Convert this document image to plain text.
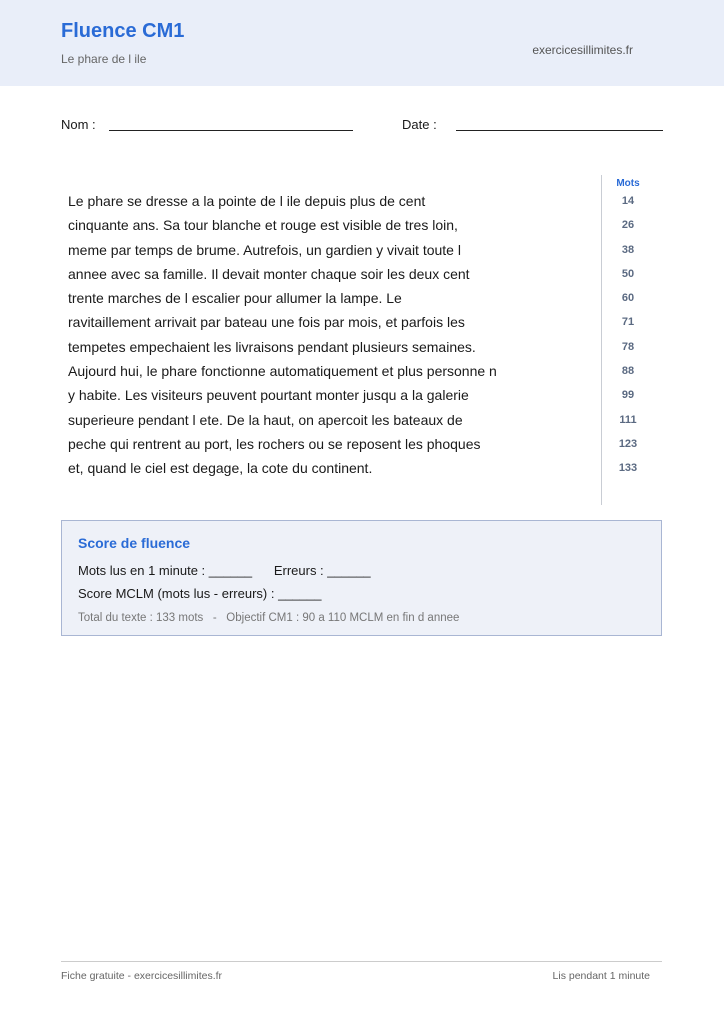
Fluence CM1
Le phare de l ile
exercicesillimites.fr
Nom :	Date :
Le phare se dresse a la pointe de l ile depuis plus de cent
cinquante ans. Sa tour blanche et rouge est visible de tres loin,
meme par temps de brume. Autrefois, un gardien y vivait toute l
annee avec sa famille. Il devait monter chaque soir les deux cent
trente marches de l escalier pour allumer la lampe. Le
ravitaillement arrivait par bateau une fois par mois, et parfois les
tempetes empechaient les livraisons pendant plusieurs semaines.
Aujourd hui, le phare fonctionne automatiquement et plus personne n
y habite. Les visiteurs peuvent pourtant monter jusqu a la galerie
superieure pendant l ete. De la haut, on apercoit les bateaux de
peche qui rentrent au port, les rochers ou se reposent les phoques
et, quand le ciel est degage, la cote du continent.
Mots
14
26
38
50
60
71
78
88
99
111
123
133
Score de fluence
Mots lus en 1 minute : ______      Erreurs : ______
Score MCLM (mots lus - erreurs) : ______
Total du texte : 133 mots   -   Objectif CM1 : 90 a 110 MCLM en fin d annee
Fiche gratuite - exercicesillimites.fr	Lis pendant 1 minute
